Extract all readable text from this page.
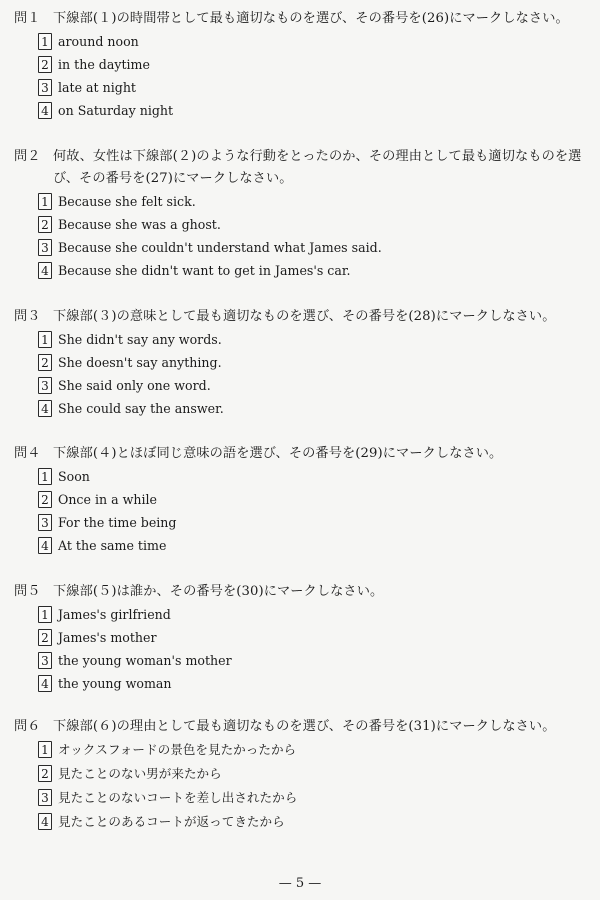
問１ 下線部(１)の時間帯として最も適切なものを選び、その番号を(26)にマークしなさい。
1 around noon
2 in the daytime
3 late at night
4 on Saturday night
問２ 何故、女性は下線部(２)のような行動をとったのか、その理由として最も適切なものを選び、その番号を(27)にマークしなさい。
1 Because she felt sick.
2 Because she was a ghost.
3 Because she couldn't understand what James said.
4 Because she didn't want to get in James's car.
問３ 下線部(３)の意味として最も適切なものを選び、その番号を(28)にマークしなさい。
1 She didn't say any words.
2 She doesn't say anything.
3 She said only one word.
4 She could say the answer.
問４ 下線部(４)とほぼ同じ意味の語を選び、その番号を(29)にマークしなさい。
1 Soon
2 Once in a while
3 For the time being
4 At the same time
問５ 下線部(５)は誰か、その番号を(30)にマークしなさい。
1 James's girlfriend
2 James's mother
3 the young woman's mother
4 the young woman
問６ 下線部(６)の理由として最も適切なものを選び、その番号を(31)にマークしなさい。
1 オックスフォードの景色を見たかったから
2 見たことのない男が来たから
3 見たことのないコートを差し出されたから
4 見たことのあるコートが返ってきたから
— 5 —
